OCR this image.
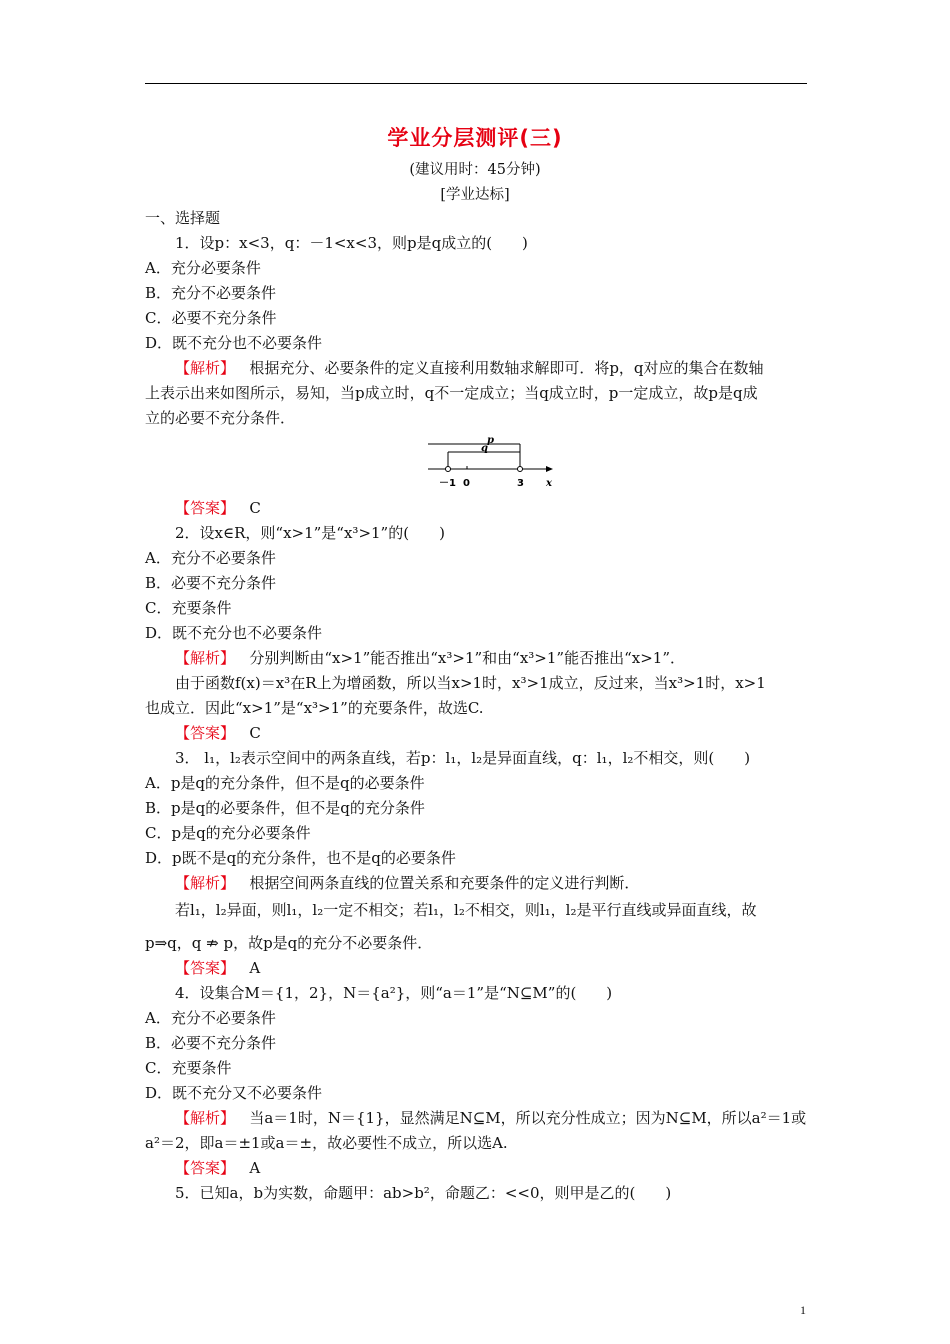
学业分层测评(三)
(建议用时：45分钟)
[学业达标]
一、选择题
1．设p：x<3，q：－1<x<3，则p是q成立的(　　)
A．充分必要条件
B．充分不必要条件
C．必要不充分条件
D．既不充分也不必要条件
【解析】 根据充分、必要条件的定义直接利用数轴求解即可．将p，q对应的集合在数轴
上表示出来如图所示，易知，当p成立时，q不一定成立；当q成立时，p一定成立，故p是q成
立的必要不充分条件．
p
q
－1 0	3 x
【答案】 C
2．设x∈R，则“x>1”是“x³>1”的(　　)
A．充分不必要条件
B．必要不充分条件
C．充要条件
D．既不充分也不必要条件
【解析】 分别判断由“x>1”能否推出“x³>1”和由“x³>1”能否推出“x>1”．
由于函数f(x)＝x³在R上为增函数，所以当x>1时，x³>1成立，反过来，当x³>1时，x>1
也成立．因此“x>1”是“x³>1”的充要条件，故选C.
【答案】 C
3． l₁，l₂表示空间中的两条直线，若p：l₁，l₂是异面直线，q：l₁，l₂不相交，则(　　)
A．p是q的充分条件，但不是q的必要条件
B．p是q的必要条件，但不是q的充分条件
C．p是q的充分必要条件
D．p既不是q的充分条件，也不是q的必要条件
【解析】 根据空间两条直线的位置关系和充要条件的定义进行判断．
若l₁，l₂异面，则l₁，l₂一定不相交；若l₁，l₂不相交，则l₁，l₂是平行直线或异面直线，故
p⇒q，q ⇏ p，故p是q的充分不必要条件．
【答案】 A
4．设集合M＝{1，2}，N＝{a²}，则“a＝1”是“N⊆M”的(　　)
A．充分不必要条件
B．必要不充分条件
C．充要条件
D．既不充分又不必要条件
【解析】 当a＝1时，N＝{1}，显然满足N⊆M，所以充分性成立；因为N⊆M，所以a²＝1或
a²＝2，即a＝±1或a＝±，故必要性不成立，所以选A.
【答案】 A
5．已知a，b为实数，命题甲：ab>b²，命题乙：<<0，则甲是乙的(　　)
1
